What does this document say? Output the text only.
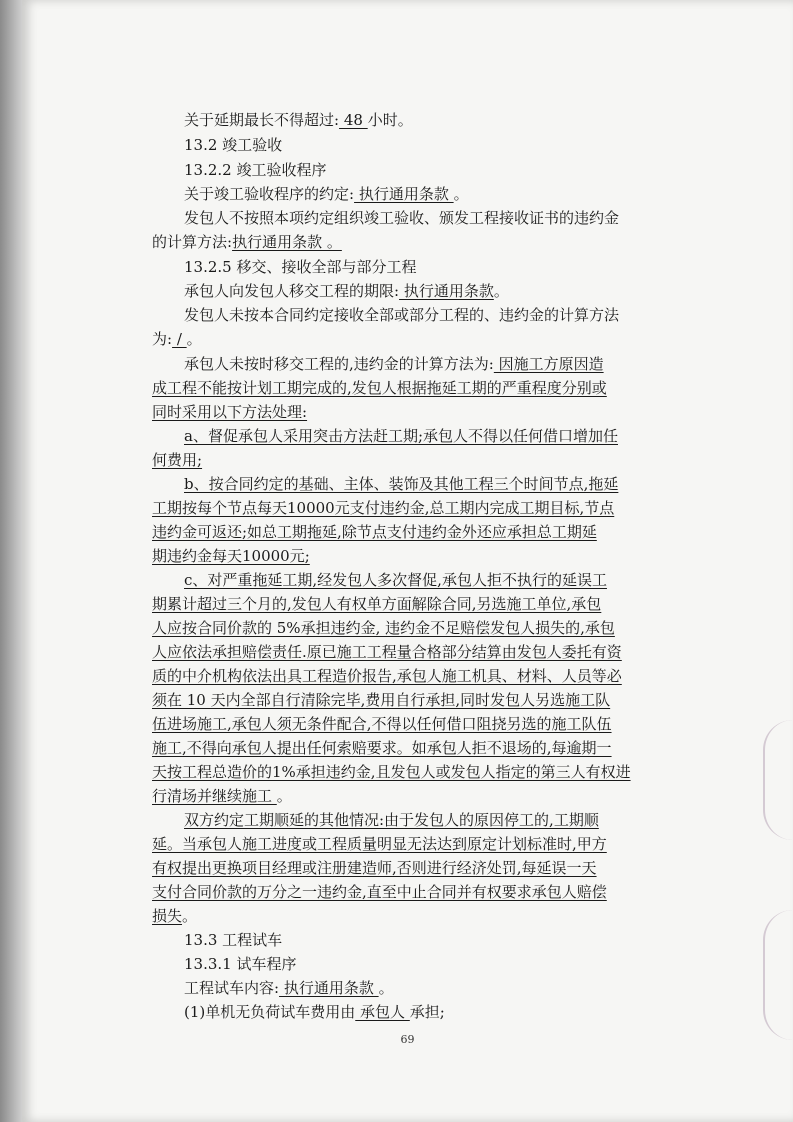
关于延期最长不得超过: 48 小时。
13.2 竣工验收
13.2.2 竣工验收程序
关于竣工验收程序的约定: 执行通用条款 。
发包人不按照本项约定组织竣工验收、颁发工程接收证书的违约金
的计算方法:执行通用条款 。
13.2.5 移交、接收全部与部分工程
承包人向发包人移交工程的期限: 执行通用条款。
发包人未按本合同约定接收全部或部分工程的、违约金的计算方法
为: / 。
承包人未按时移交工程的,违约金的计算方法为: 因施工方原因造
成工程不能按计划工期完成的,发包人根据拖延工期的严重程度分别或
同时采用以下方法处理:
a、督促承包人采用突击方法赶工期;承包人不得以任何借口增加任
何费用;
b、按合同约定的基础、主体、装饰及其他工程三个时间节点,拖延
工期按每个节点每天10000元支付违约金,总工期内完成工期目标,节点
违约金可返还;如总工期拖延,除节点支付违约金外还应承担总工期延
期违约金每天10000元;
c、对严重拖延工期,经发包人多次督促,承包人拒不执行的延误工
期累计超过三个月的,发包人有权单方面解除合同,另选施工单位,承包
人应按合同价款的 5%承担违约金, 违约金不足赔偿发包人损失的,承包
人应依法承担赔偿责任.原已施工工程量合格部分结算由发包人委托有资
质的中介机构依法出具工程造价报告,承包人施工机具、材料、人员等必
须在 10 天内全部自行清除完毕,费用自行承担,同时发包人另选施工队
伍进场施工,承包人须无条件配合,不得以任何借口阻挠另选的施工队伍
施工,不得向承包人提出任何索赔要求。如承包人拒不退场的,每逾期一
天按工程总造价的1%承担违约金,且发包人或发包人指定的第三人有权进
行清场并继续施工 。
双方约定工期顺延的其他情况:由于发包人的原因停工的,工期顺
延。当承包人施工进度或工程质量明显无法达到原定计划标准时,甲方
有权提出更换项目经理或注册建造师,否则进行经济处罚,每延误一天
支付合同价款的万分之一违约金,直至中止合同并有权要求承包人赔偿
损失。
13.3 工程试车
13.3.1 试车程序
工程试车内容: 执行通用条款 。
(1)单机无负荷试车费用由 承包人 承担;
69
